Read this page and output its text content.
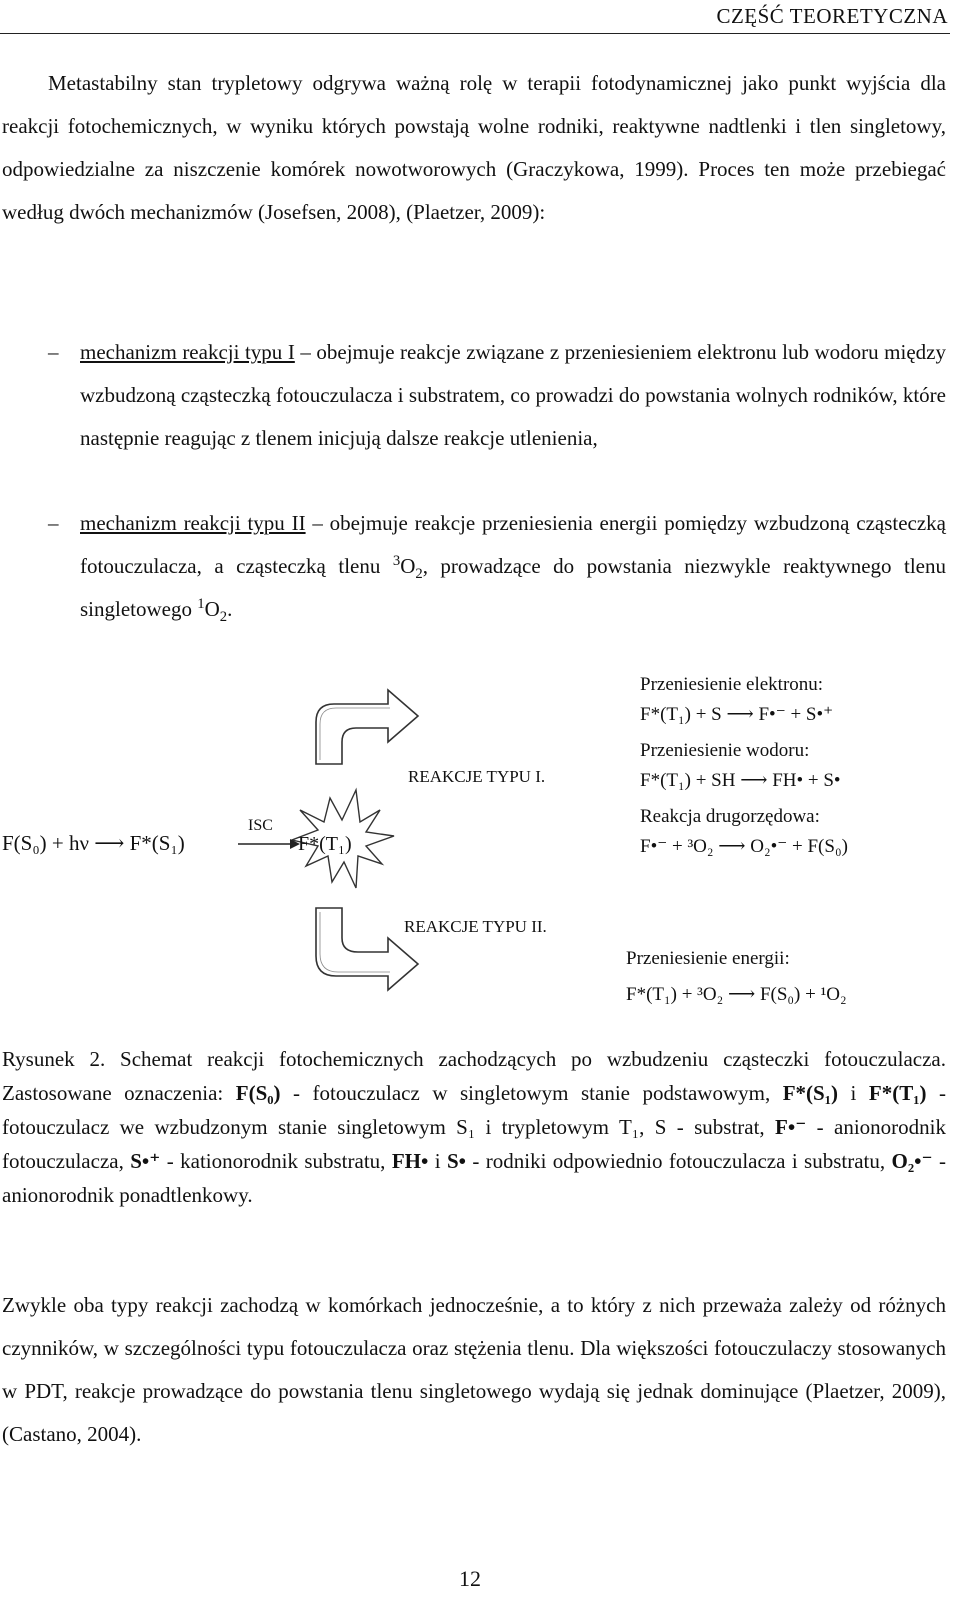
CZĘŚĆ TEORETYCZNA
Metastabilny stan trypletowy odgrywa ważną rolę w terapii fotodynamicznej jako punkt wyjścia dla reakcji fotochemicznych, w wyniku których powstają wolne rodniki, reaktywne nadtlenki i tlen singletowy, odpowiedzialne za niszczenie komórek nowotworowych (Graczykowa, 1999). Proces ten może przebiegać według dwóch mechanizmów (Josefsen, 2008), (Plaetzer, 2009):
– mechanizm reakcji typu I – obejmuje reakcje związane z przeniesieniem elektronu lub wodoru między wzbudzoną cząsteczką fotouczulacza i substratem, co prowadzi do powstania wolnych rodników, które następnie reagując z tlenem inicjują dalsze reakcje utlenienia,
– mechanizm reakcji typu II – obejmuje reakcje przeniesienia energii pomiędzy wzbudzoną cząsteczką fotouczulacza, a cząsteczką tlenu $^3O_2$, prowadzące do powstania niezwykle reaktywnego tlenu singletowego $^1O_2$.
F(S₀) + hν ⟶ F*(S₁)
ISC
F*(T₁)
REAKCJE TYPU I.
REAKCJE TYPU II.
Przeniesienie elektronu:
F*(T₁) + S ⟶ F•⁻ + S•⁺
Przeniesienie wodoru:
F*(T₁) + SH ⟶ FH• + S•
Reakcja drugorzędowa:
F•⁻ + ³O₂ ⟶ O₂•⁻ + F(S₀)
Przeniesienie energii:
F*(T₁) + ³O₂ ⟶ F(S₀) + ¹O₂
Rysunek 2. Schemat reakcji fotochemicznych zachodzących po wzbudzeniu cząsteczki fotouczulacza. Zastosowane oznaczenia: F(S₀) - fotouczulacz w singletowym stanie podstawowym, F*(S₁) i F*(T₁) - fotouczulacz we wzbudzonym stanie singletowym S₁ i trypletowym T₁, S - substrat, F•⁻ - anionorodnik fotouczulacza, S•⁺ - kationorodnik substratu, FH• i S• - rodniki odpowiednio fotouczulacza i substratu, O₂•⁻ - anionorodnik ponadtlenkowy.
Zwykle oba typy reakcji zachodzą w komórkach jednocześnie, a to który z nich przeważa zależy od różnych czynników, w szczególności typu fotouczulacza oraz stężenia tlenu. Dla większości fotouczulaczy stosowanych w PDT, reakcje prowadzące do powstania tlenu singletowego wydają się jednak dominujące (Plaetzer, 2009), (Castano, 2004).
12
